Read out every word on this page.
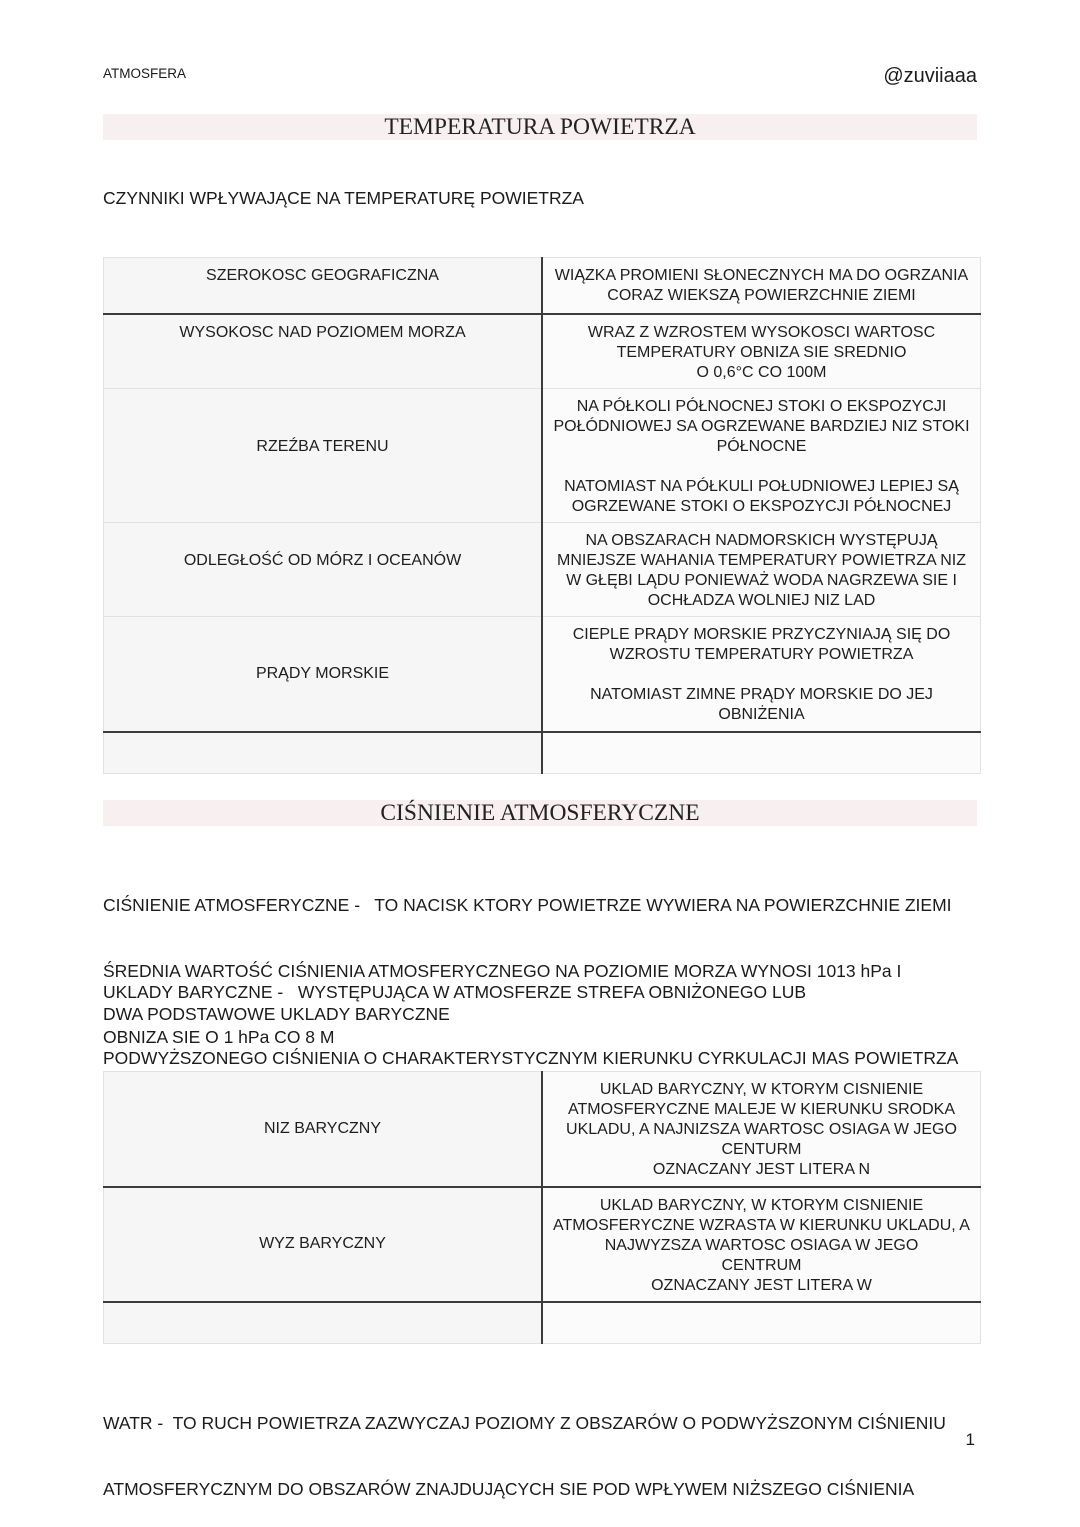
ATMOSFERA	@zuviiaaa
TEMPERATURA POWIETRZA
CZYNNIKI WPŁYWAJĄCE NA TEMPERATURĘ POWIETRZA
SZEROKOSC GEOGRAFICZNA	WIĄZKA PROMIENI SŁONECZNYCH MA DO OGRZANIA
CORAZ WIEKSZĄ POWIERZCHNIE ZIEMI

WYSOKOSC NAD POZIOMEM MORZA	WRAZ Z WZROSTEM WYSOKOSCI WARTOSC
TEMPERATURY OBNIZA SIE SREDNIO
O 0,6°C CO 100M

RZEŹBA TERENU	NA PÓŁKOLI PÓŁNOCNEJ STOKI O EKSPOZYCJI
POŁÓDNIOWEJ SA OGRZEWANE BARDZIEJ NIZ STOKI
PÓŁNOCNE
NATOMIAST NA PÓŁKULI POŁUDNIOWEJ LEPIEJ SĄ
OGRZEWANE STOKI O EKSPOZYCJI PÓŁNOCNEJ

ODLEGŁOŚĆ OD MÓRZ I OCEANÓW	NA OBSZARACH NADMORSKICH WYSTĘPUJĄ
MNIEJSZE WAHANIA TEMPERATURY POWIETRZA NIZ
W GŁĘBI LĄDU PONIEWAŻ WODA NAGRZEWA SIE I
OCHŁADZA WOLNIEJ NIZ LAD

PRĄDY MORSKIE	CIEPLE PRĄDY MORSKIE PRZYCZYNIAJĄ SIĘ DO
WZROSTU TEMPERATURY POWIETRZA
NATOMIAST ZIMNE PRĄDY MORSKIE DO JEJ
OBNIŻENIA

CIŚNIENIE ATMOSFERYCZNE

CIŚNIENIE ATMOSFERYCZNE -   TO NACISK KTORY POWIETRZE WYWIERA NA POWIERZCHNIE ZIEMI

ŚREDNIA WARTOŚĆ CIŚNIENIA ATMOSFERYCZNEGO NA POZIOMIE MORZA WYNOSI 1013 hPa I

OBNIZA SIE O 1 hPa CO 8 M

UKLADY BARYCZNE -   WYSTĘPUJĄCA W ATMOSFERZE STREFA OBNIŻONEGO LUB

PODWYŻSZONEGO CIŚNIENIA O CHARAKTERYSTYCZNYM KIERUNKU CYRKULACJI MAS POWIETRZA

DWA PODSTAWOWE UKLADY BARYCZNE
NIZ BARYCZNY	UKLAD BARYCZNY, W KTORYM CISNIENIE
ATMOSFERYCZNE MALEJE W KIERUNKU SRODKA
UKLADU, A NAJNIZSZA WARTOSC OSIAGA W JEGO
CENTURM
OZNACZANY JEST LITERA N

WYZ BARYCZNY	UKLAD BARYCZNY, W KTORYM CISNIENIE
ATMOSFERYCZNE WZRASTA W KIERUNKU UKLADU, A
NAJWYZSZA WARTOSC OSIAGA W JEGO
CENTRUM
OZNACZANY JEST LITERA W

WATR -  TO RUCH POWIETRZA ZAZWYCZAJ POZIOMY Z OBSZARÓW O PODWYŻSZONYM CIŚNIENIU

ATMOSFERYCZNYM DO OBSZARÓW ZNAJDUJĄCYCH SIE POD WPŁYWEM NIŻSZEGO CIŚNIENIA

1
